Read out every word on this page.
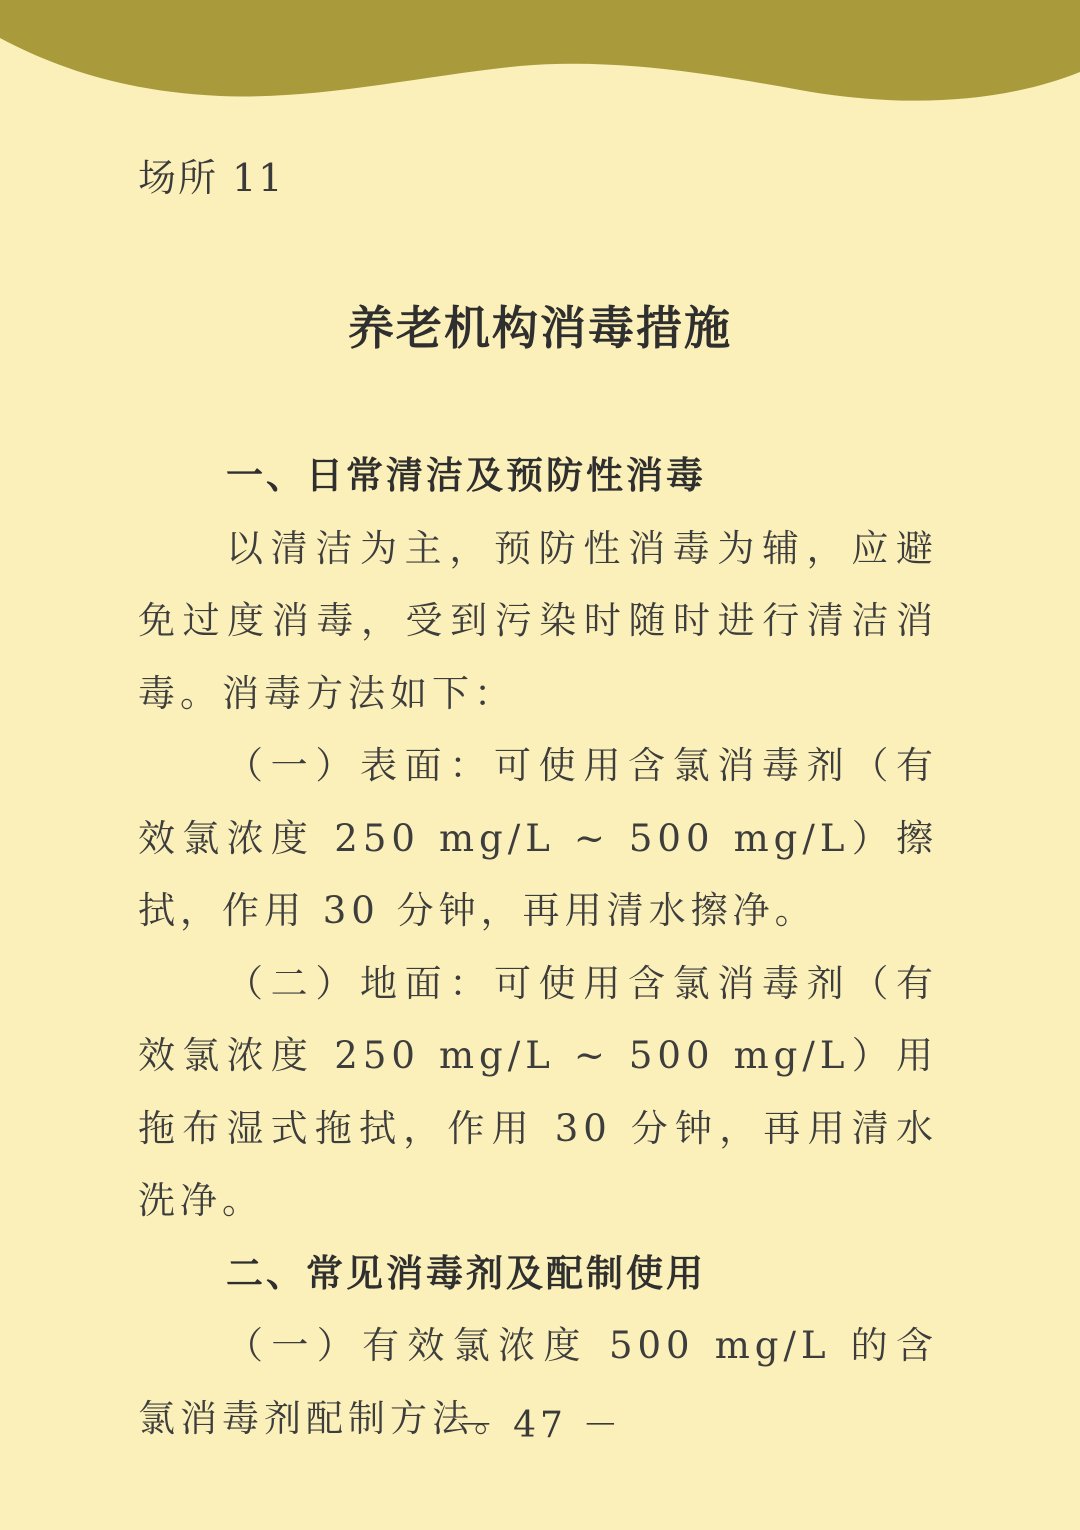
场所 11
养老机构消毒措施
一、日常清洁及预防性消毒

以清洁为主，预防性消毒为辅，应避免过度消毒，受到污染时随时进行清洁消毒。消毒方法如下：

（一）表面：可使用含氯消毒剂（有效氯浓度 250 mg/L ~ 500 mg/L）擦拭，作用 30 分钟，再用清水擦净。

（二）地面：可使用含氯消毒剂（有效氯浓度 250 mg/L ~ 500 mg/L）用拖布湿式拖拭，作用 30 分钟，再用清水洗净。

二、常见消毒剂及配制使用

（一）有效氯浓度 500 mg/L 的含氯消毒剂配制方法。

－ 47 －
